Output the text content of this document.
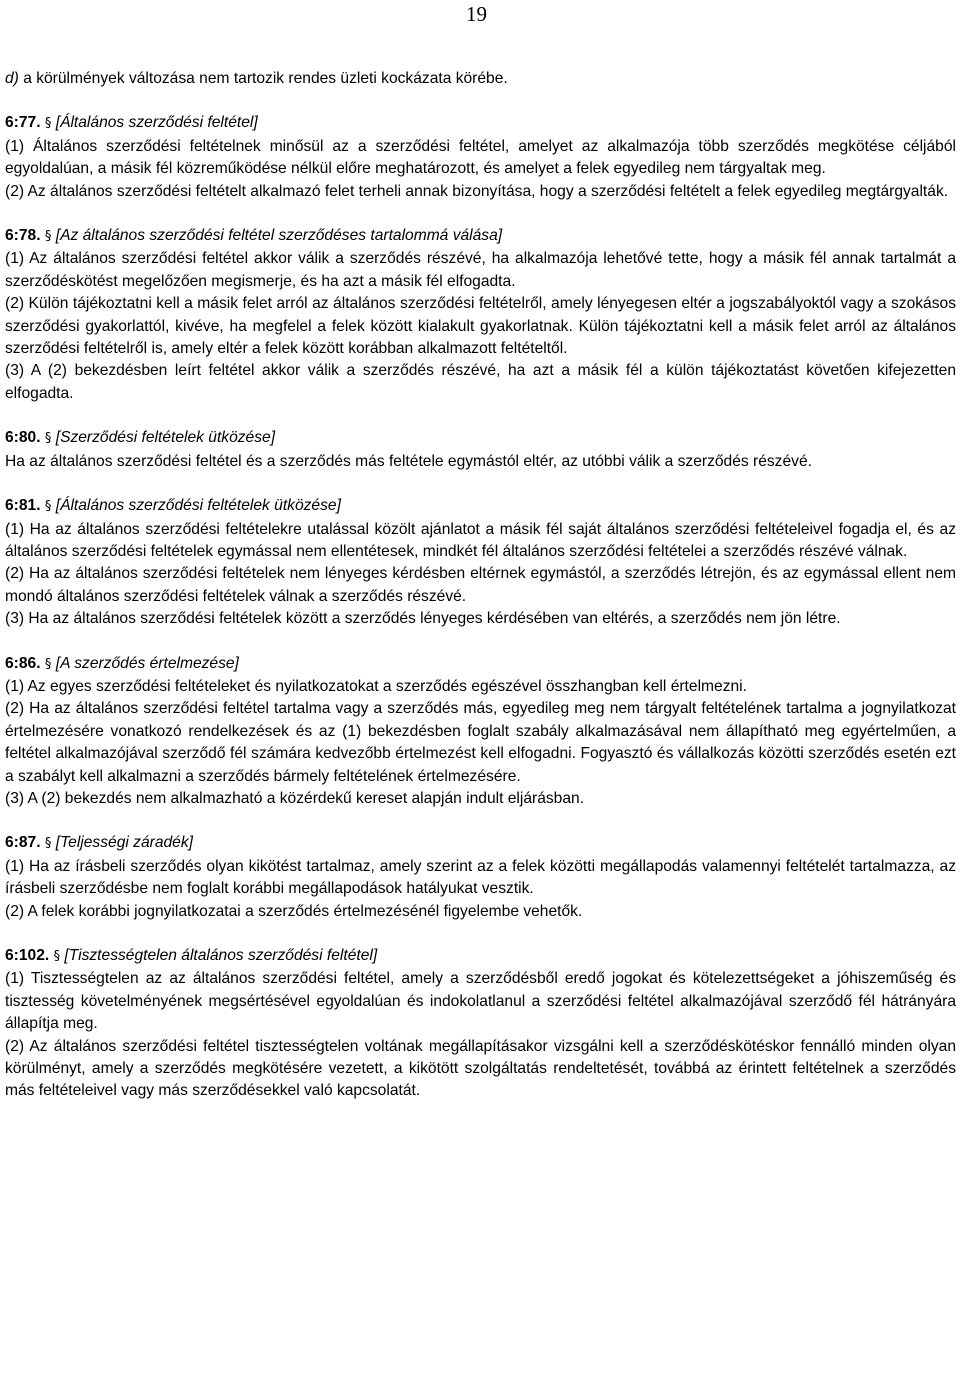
19

d) a körülmények változása nem tartozik rendes üzleti kockázata körébe.

6:77. § [Általános szerződési feltétel]

(1) Általános szerződési feltételnek minősül az a szerződési feltétel, amelyet az alkalmazója több szerződés megkötése céljából egyoldalúan, a másik fél közreműködése nélkül előre meghatározott, és amelyet a felek egyedileg nem tárgyaltak meg.

(2) Az általános szerződési feltételt alkalmazó felet terheli annak bizonyítása, hogy a szerződési feltételt a felek egyedileg megtárgyalták.

6:78. § [Az általános szerződési feltétel szerződéses tartalommá válása]

(1) Az általános szerződési feltétel akkor válik a szerződés részévé, ha alkalmazója lehetővé tette, hogy a másik fél annak tartalmát a szerződéskötést megelőzően megismerje, és ha azt a másik fél elfogadta.

(2) Külön tájékoztatni kell a másik felet arról az általános szerződési feltételről, amely lényegesen eltér a jogszabályoktól vagy a szokásos szerződési gyakorlattól, kivéve, ha megfelel a felek között kialakult gyakorlatnak. Külön tájékoztatni kell a másik felet arról az általános szerződési feltételről is, amely eltér a felek között korábban alkalmazott feltételtől.

(3) A (2) bekezdésben leírt feltétel akkor válik a szerződés részévé, ha azt a másik fél a külön tájékoztatást követően kifejezetten elfogadta.

6:80. § [Szerződési feltételek ütközése]

Ha az általános szerződési feltétel és a szerződés más feltétele egymástól eltér, az utóbbi válik a szerződés részévé.

6:81. § [Általános szerződési feltételek ütközése]

(1) Ha az általános szerződési feltételekre utalással közölt ajánlatot a másik fél saját általános szerződési feltételeivel fogadja el, és az általános szerződési feltételek egymással nem ellentétesek, mindkét fél általános szerződési feltételei a szerződés részévé válnak.

(2) Ha az általános szerződési feltételek nem lényeges kérdésben eltérnek egymástól, a szerződés létrejön, és az egymással ellent nem mondó általános szerződési feltételek válnak a szerződés részévé.

(3) Ha az általános szerződési feltételek között a szerződés lényeges kérdésében van eltérés, a szerződés nem jön létre.

6:86. § [A szerződés értelmezése]

(1) Az egyes szerződési feltételeket és nyilatkozatokat a szerződés egészével összhangban kell értelmezni.

(2) Ha az általános szerződési feltétel tartalma vagy a szerződés más, egyedileg meg nem tárgyalt feltételének tartalma a jognyilatkozat értelmezésére vonatkozó rendelkezések és az (1) bekezdésben foglalt szabály alkalmazásával nem állapítható meg egyértelműen, a feltétel alkalmazójával szerződő fél számára kedvezőbb értelmezést kell elfogadni. Fogyasztó és vállalkozás közötti szerződés esetén ezt a szabályt kell alkalmazni a szerződés bármely feltételének értelmezésére.

(3) A (2) bekezdés nem alkalmazható a közérdekű kereset alapján indult eljárásban.

6:87. § [Teljességi záradék]

(1) Ha az írásbeli szerződés olyan kikötést tartalmaz, amely szerint az a felek közötti megállapodás valamennyi feltételét tartalmazza, az írásbeli szerződésbe nem foglalt korábbi megállapodások hatályukat vesztik.

(2) A felek korábbi jognyilatkozatai a szerződés értelmezésénél figyelembe vehetők.

6:102. § [Tisztességtelen általános szerződési feltétel]

(1) Tisztességtelen az az általános szerződési feltétel, amely a szerződésből eredő jogokat és kötelezettségeket a jóhiszeműség és tisztesség követelményének megsértésével egyoldalúan és indokolatlanul a szerződési feltétel alkalmazójával szerződő fél hátrányára állapítja meg.

(2) Az általános szerződési feltétel tisztességtelen voltának megállapításakor vizsgálni kell a szerződéskötéskor fennálló minden olyan körülményt, amely a szerződés megkötésére vezetett, a kikötött szolgáltatás rendeltetését, továbbá az érintett feltételnek a szerződés más feltételeivel vagy más szerződésekkel való kapcsolatát.
